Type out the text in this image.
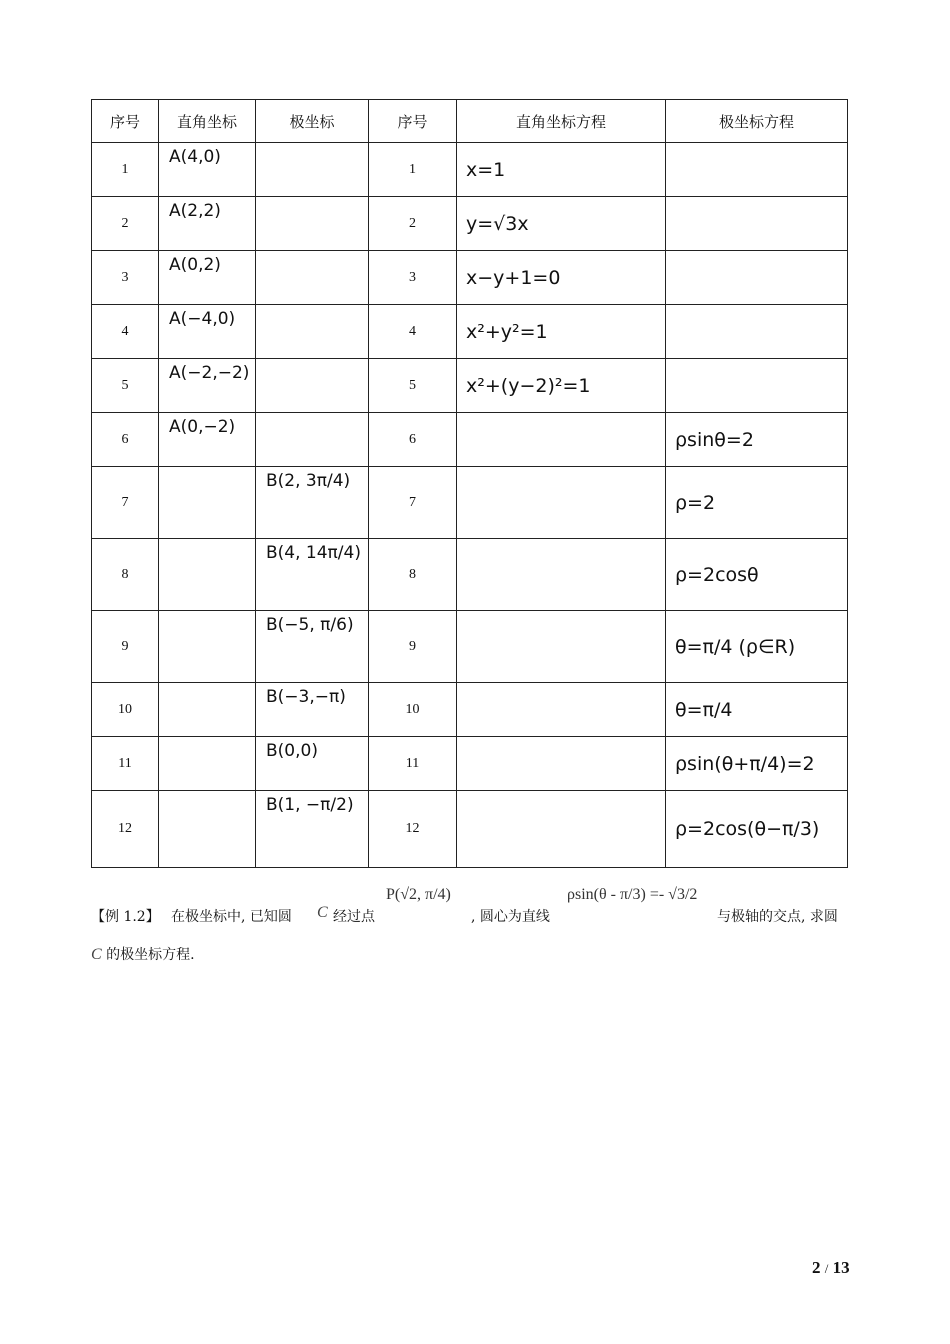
序号	直角坐标	极坐标	序号	直角坐标方程	极坐标方程
1	A(4,0)		1	x=1	
2	A(2,2)		2	y=√3x	
3	A(0,2)		3	x−y+1=0	
4	A(−4,0)		4	x²+y²=1	
5	A(−2,−2)		5	x²+(y−2)²=1	
6	A(0,−2)		6		ρsinθ=2
7		B(2, 3π/4)	7		ρ=2
8		B(4, 14π/4)	8		ρ=2cosθ
9		B(−5, π/6)	9		θ=π/4 (ρ∈R)
10		B(−3,−π)	10		θ=π/4
11		B(0,0)	11		ρsin(θ+π/4)=2
12		B(1, −π/2)	12		ρ=2cos(θ−π/3)
【例 1.2】 在极坐标中, 已知圆 C 经过点
P(√2, π/4)
, 圆心为直线
ρsin(θ - π/3) =- √3/2
与极轴的交点, 求圆
C 的极坐标方程.
2 / 13
